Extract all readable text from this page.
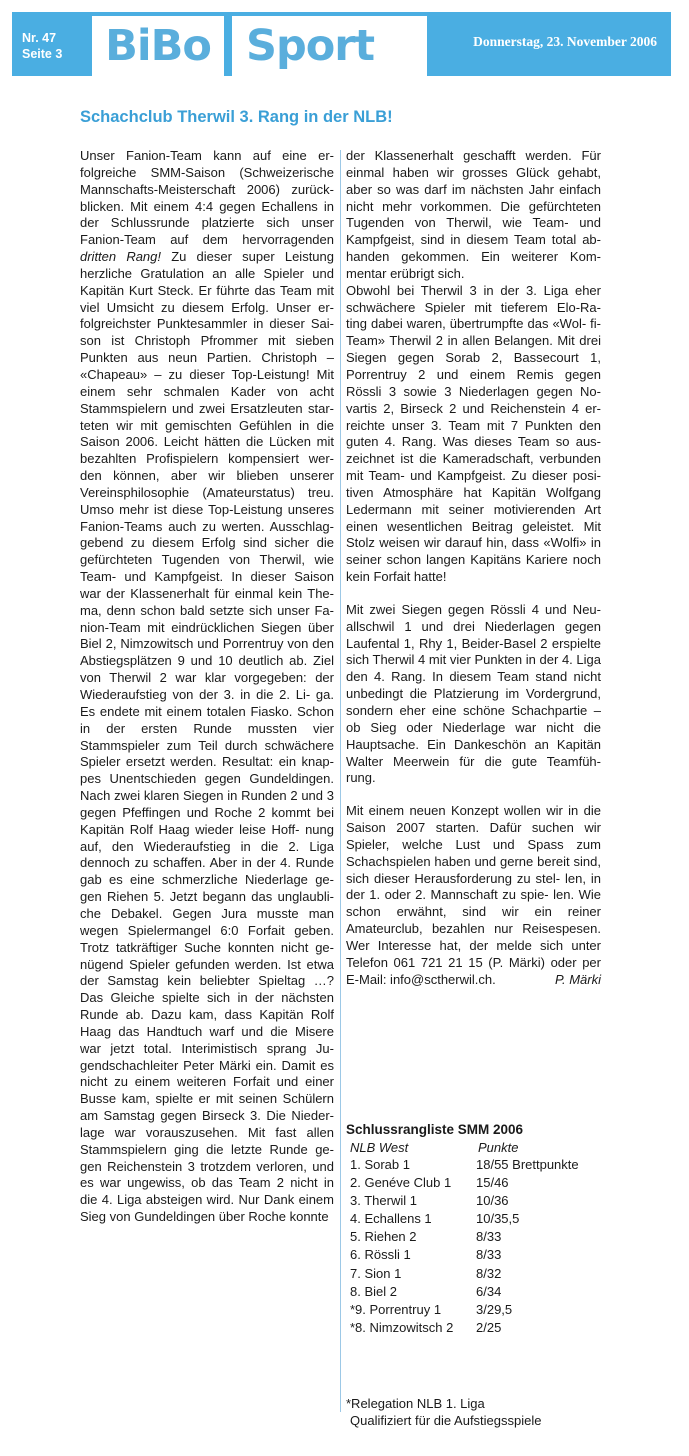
Nr. 47
Seite 3 BiBo Sport	Donnerstag, 23. November 2006
Schachclub Therwil 3. Rang in der NLB!

Unser Fanion-Team kann auf eine er- folgreiche SMM-Saison (Schweizerische Mannschafts-Meisterschaft 2006) zurück- blicken. Mit einem 4:4 gegen Echallens in der Schlussrunde platzierte sich unser Fanion-Team auf dem hervorragenden dritten Rang! Zu dieser super Leistung herzliche Gratulation an alle Spieler und Kapitän Kurt Steck. Er führte das Team mit viel Umsicht zu diesem Erfolg. Unser er- folgreichster Punktesammler in dieser Sai- son ist Christoph Pfrommer mit sieben Punkten aus neun Partien. Christoph – «Chapeau» – zu dieser Top-Leistung! Mit einem sehr schmalen Kader von acht Stammspielern und zwei Ersatzleuten star- teten wir mit gemischten Gefühlen in die Saison 2006. Leicht hätten die Lücken mit bezahlten Profispielern kompensiert wer- den können, aber wir blieben unserer Vereinsphilosophie (Amateurstatus) treu. Umso mehr ist diese Top-Leistung unseres Fanion-Teams auch zu werten. Ausschlag- gebend zu diesem Erfolg sind sicher die gefürchteten Tugenden von Therwil, wie Team- und Kampfgeist. In dieser Saison war der Klassenerhalt für einmal kein The- ma, denn schon bald setzte sich unser Fa- nion-Team mit eindrücklichen Siegen über Biel 2, Nimzowitsch und Porrentruy von den Abstiegsplätzen 9 und 10 deutlich ab. Ziel von Therwil 2 war klar vorgegeben: der Wiederaufstieg von der 3. in die 2. Li- ga. Es endete mit einem totalen Fiasko. Schon in der ersten Runde mussten vier Stammspieler zum Teil durch schwächere Spieler ersetzt werden. Resultat: ein knap- pes Unentschieden gegen Gundeldingen. Nach zwei klaren Siegen in Runden 2 und 3 gegen Pfeffingen und Roche 2 kommt bei Kapitän Rolf Haag wieder leise Hoff- nung auf, den Wiederaufstieg in die 2. Liga dennoch zu schaffen. Aber in der 4. Runde gab es eine schmerzliche Niederlage ge- gen Riehen 5. Jetzt begann das unglaubli- che Debakel. Gegen Jura musste man wegen Spielermangel 6:0 Forfait geben. Trotz tatkräftiger Suche konnten nicht ge- nügend Spieler gefunden werden. Ist etwa der Samstag kein beliebter Spieltag …? Das Gleiche spielte sich in der nächsten Runde ab. Dazu kam, dass Kapitän Rolf Haag das Handtuch warf und die Misere war jetzt total. Interimistisch sprang Ju- gendschachleiter Peter Märki ein. Damit es nicht zu einem weiteren Forfait und einer Busse kam, spielte er mit seinen Schülern am Samstag gegen Birseck 3. Die Nieder- lage war vorauszusehen. Mit fast allen Stammspielern ging die letzte Runde ge- gen Reichenstein 3 trotzdem verloren, und es war ungewiss, ob das Team 2 nicht in die 4. Liga absteigen wird. Nur Dank einem Sieg von Gundeldingen über Roche konnte

der Klassenerhalt geschafft werden. Für einmal haben wir grosses Glück gehabt, aber so was darf im nächsten Jahr einfach nicht mehr vorkommen. Die gefürchteten Tugenden von Therwil, wie Team- und Kampfgeist, sind in diesem Team total ab- handen gekommen. Ein weiterer Kom- mentar erübrigt sich.

Obwohl bei Therwil 3 in der 3. Liga eher schwächere Spieler mit tieferem Elo-Ra- ting dabei waren, übertrumpfte das «Wol- fi-Team» Therwil 2 in allen Belangen. Mit drei Siegen gegen Sorab 2, Bassecourt 1, Porrentruy 2 und einem Remis gegen Rössli 3 sowie 3 Niederlagen gegen No- vartis 2, Birseck 2 und Reichenstein 4 er- reichte unser 3. Team mit 7 Punkten den guten 4. Rang. Was dieses Team so aus- zeichnet ist die Kameradschaft, verbunden mit Team- und Kampfgeist. Zu dieser posi- tiven Atmosphäre hat Kapitän Wolfgang Ledermann mit seiner motivierenden Art einen wesentlichen Beitrag geleistet. Mit Stolz weisen wir darauf hin, dass «Wolfi» in seiner schon langen Kapitäns Kariere noch kein Forfait hatte!

Mit zwei Siegen gegen Rössli 4 und Neu- allschwil 1 und drei Niederlagen gegen Laufental 1, Rhy 1, Beider-Basel 2 erspielte sich Therwil 4 mit vier Punkten in der 4. Liga den 4. Rang. In diesem Team stand nicht unbedingt die Platzierung im Vordergrund, sondern eher eine schöne Schachpartie – ob Sieg oder Niederlage war nicht die Hauptsache. Ein Dankeschön an Kapitän Walter Meerwein für die gute Teamfüh- rung.

Mit einem neuen Konzept wollen wir in die Saison 2007 starten. Dafür suchen wir Spieler, welche Lust und Spass zum Schachspielen haben und gerne bereit sind, sich dieser Herausforderung zu stel- len, in der 1. oder 2. Mannschaft zu spie- len. Wie schon erwähnt, sind wir ein reiner Amateurclub, bezahlen nur Reisespesen. Wer Interesse hat, der melde sich unter Telefon 061 721 21 15 (P. Märki) oder per E-Mail: info@sctherwil.ch.	P. Märki
Schlussrangliste SMM 2006
NLB West	Punkte
1. Sorab 1	18/55 Brettpunkte
2. Genéve Club 1	15/46
3. Therwil 1	10/36
4. Echallens 1	10/35,5
5. Riehen 2	8/33
6. Rössli 1	8/33
7. Sion 1	8/32
8. Biel 2	6/34
*9. Porrentruy 1	3/29,5
*8. Nimzowitsch 2	2/25
*Relegation NLB 1. Liga
Qualifiziert für die Aufstiegsspiele
